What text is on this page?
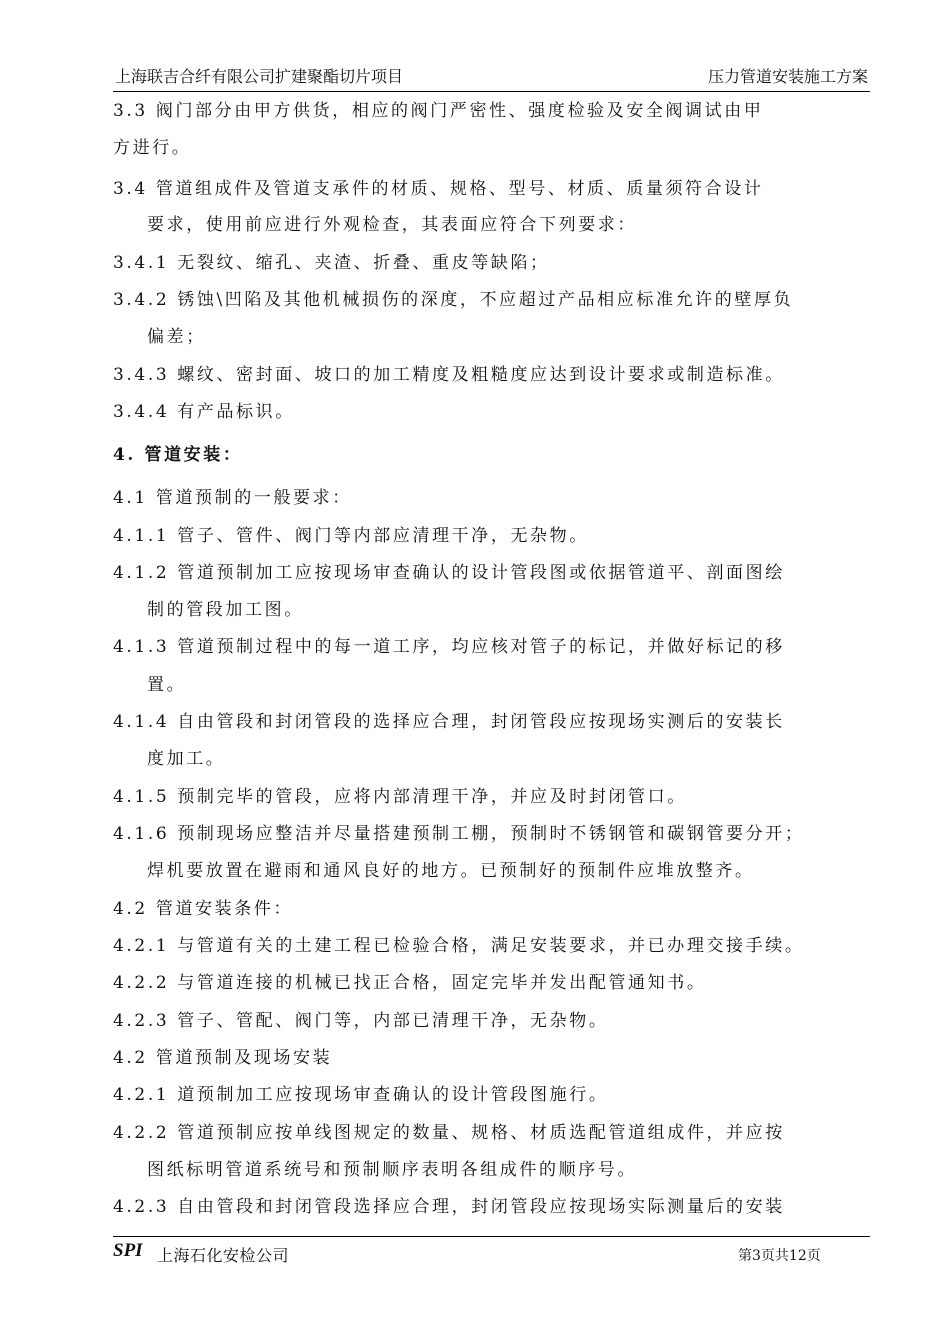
上海联吉合纤有限公司扩建聚酯切片项目	压力管道安装施工方案
3.3 阀门部分由甲方供货，相应的阀门严密性、强度检验及安全阀调试由甲
方进行。
3.4 管道组成件及管道支承件的材质、规格、型号、材质、质量须符合设计
要求，使用前应进行外观检查，其表面应符合下列要求：
3.4.1 无裂纹、缩孔、夹渣、折叠、重皮等缺陷；
3.4.2 锈蚀\凹陷及其他机械损伤的深度，不应超过产品相应标准允许的壁厚负
偏差；
3.4.3 螺纹、密封面、坡口的加工精度及粗糙度应达到设计要求或制造标准。
3.4.4 有产品标识。
4. 管道安装：
4.1 管道预制的一般要求：
4.1.1 管子、管件、阀门等内部应清理干净，无杂物。
4.1.2 管道预制加工应按现场审查确认的设计管段图或依据管道平、剖面图绘
制的管段加工图。
4.1.3 管道预制过程中的每一道工序，均应核对管子的标记，并做好标记的移
置。
4.1.4 自由管段和封闭管段的选择应合理，封闭管段应按现场实测后的安装长
度加工。
4.1.5 预制完毕的管段，应将内部清理干净，并应及时封闭管口。
4.1.6 预制现场应整洁并尽量搭建预制工棚，预制时不锈钢管和碳钢管要分开；
焊机要放置在避雨和通风良好的地方。已预制好的预制件应堆放整齐。
4.2 管道安装条件：
4.2.1 与管道有关的土建工程已检验合格，满足安装要求，并已办理交接手续。
4.2.2 与管道连接的机械已找正合格，固定完毕并发出配管通知书。
4.2.3 管子、管配、阀门等，内部已清理干净，无杂物。
4.2 管道预制及现场安装
4.2.1 道预制加工应按现场审查确认的设计管段图施行。
4.2.2 管道预制应按单线图规定的数量、规格、材质选配管道组成件，并应按
图纸标明管道系统号和预制顺序表明各组成件的顺序号。
4.2.3 自由管段和封闭管段选择应合理，封闭管段应按现场实际测量后的安装
SPI 上海石化安检公司	第3页共12页
